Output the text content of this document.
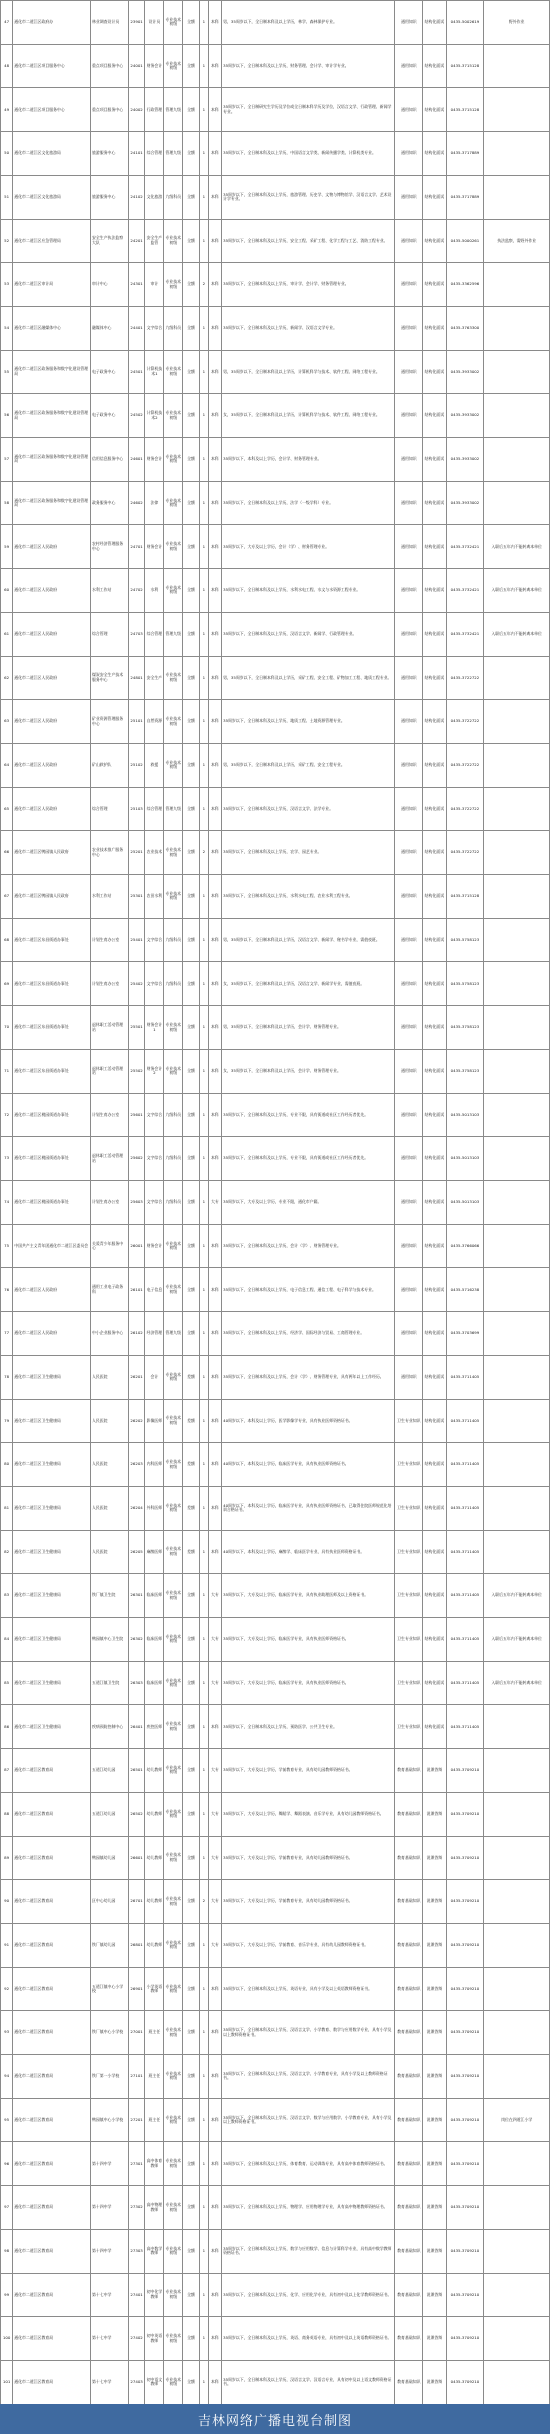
47	通化市二道江区政府办	林业调查设计员	23901	设计员	专业技术初级	全额	1	本科	男，35周岁以下，全日制本科及以上学历，林学、森林保护专业。	通用知识	结构化面试	0435-5002619	野外作业
48	通化市二道江区项目服务中心	重点项目服务中心	24001	财务会计	专业技术初级	全额	1	本科	35周岁以下，全日制本科及以上学历，财务管理、会计学、审计学专业。	通用知识	结构化面试	0435-3715128	
49	通化市二道江区项目服务中心	重点项目服务中心	24002	行政管理	管理九级	全额	1	本科	35周岁以下，全日制研究生学历及学位或全日制本科学历及学位，汉语言文学、行政管理、新闻学专业。	通用知识	结构化面试	0435-3715128	
50	通化市二道江区文化旅游局	旅游服务中心	24101	综合管理	管理九级	全额	1	本科	35周岁以下，全日制本科及以上学历，中国语言文学类、新闻传播学类、计算机类专业。	通用知识	结构化面试	0435-3717889	
51	通化市二道江区文化旅游局	旅游服务中心	24102	文化旅游	九级科员	全额	1	本科	35周岁以下，全日制本科及以上学历，旅游管理、历史学、文物与博物馆学、汉语言文学、艺术设计学专业。	通用知识	结构化面试	0435-3717889	
52	通化市二道江区应急管理局	安全生产执法监察大队	24201	安全生产监管	专业技术初级	全额	1	本科	35周岁以下，全日制本科及以上学历，安全工程、采矿工程、化学工程与工艺、消防工程专业。	通用知识	结构化面试	0435-5000261	执法监察，需野外作业
53	通化市二道江区审计局	审计中心	24301	审计	专业技术初级	全额	2	本科	35周岁以下，全日制本科及以上学历，审计学、会计学、财务管理专业。	通用知识	结构化面试	0435-3362596	
54	通化市二道江区融媒体中心	融媒体中心	24401	文字综合	九级科员	全额	1	本科	35周岁以下，全日制本科及以上学历，新闻学、汉语言文学专业。	通用知识	结构化面试	0435-3763300	
55	通化市二道江区政务服务和数字化建设管理局	电子政务中心	24501	计算机技术1	专业技术初级	全额	1	本科	男，35周岁以下，全日制本科及以上学历，计算机科学与技术、软件工程、网络工程专业。	通用知识	结构化面试	0435-3933002	
56	通化市二道江区政务服务和数字化建设管理局	电子政务中心	24502	计算机技术2	专业技术初级	全额	1	本科	女，35周岁以下，全日制本科及以上学历，计算机科学与技术、软件工程、网络工程专业。	通用知识	结构化面试	0435-3933002	
57	通化市二道江区政务服务和数字化建设管理局	信用信息服务中心	24601	财务会计	专业技术初级	全额	1	本科	35周岁以下，本科及以上学历，会计学、财务管理专业。	通用知识	结构化面试	0435-3933002	
58	通化市二道江区政务服务和数字化建设管理局	政务服务中心	24602	法律	专业技术初级	全额	1	本科	35周岁以下，全日制本科及以上学历，法学（一级学科）专业。	通用知识	结构化面试	0435-3933002	
59	通化市二道江区人民政府	农村经济管理服务中心	24701	财务会计	专业技术初级	全额	1	本科	35周岁以下，大专及以上学历，会计（学）、财务管理专业。	通用知识	结构化面试	0435-3732421	入职后五年内不能转离本单位
60	通化市二道江区人民政府	水利工作站	24702	水利	专业技术初级	全额	1	本科	35周岁以下，全日制本科及以上学历，水利水电工程、水文与水资源工程专业。	通用知识	结构化面试	0435-3732421	入职后五年内不能转离本单位
61	通化市二道江区人民政府	综合管理	24703	综合管理	管理九级	全额	1	本科	35周岁以下，全日制本科及以上学历，汉语言文学、新闻学、行政管理专业。	通用知识	结构化面试	0435-3732421	入职后五年内不能转离本单位
62	通化市二道江区人民政府	煤炭安全生产技术服务中心	24801	安全生产	专业技术初级	全额	1	本科	男，35周岁以下，全日制本科及以上学历，采矿工程、安全工程、矿物加工工程、地质工程专业。	通用知识	结构化面试	0435-3722722	
63	通化市二道江区人民政府	矿业资源管理服务中心	25101	自然资源	专业技术初级	全额	1	本科	35周岁以下，全日制本科及以上学历，地质工程、土地资源管理专业。	通用知识	结构化面试	0435-3722722	
64	通化市二道江区人民政府	矿山救护队	25102	救援	专业技术初级	全额	1	本科	男，35周岁以下，全日制本科及以上学历，采矿工程、安全工程专业。	通用知识	结构化面试	0435-3722722	
65	通化市二道江区人民政府	综合管理	25103	综合管理	管理九级	全额	1	本科	35周岁以下，全日制本科及以上学历，汉语言文学、法学专业。	通用知识	结构化面试	0435-3722722	
66	通化市二道江区鸭园镇人民政府	农业技术推广服务中心	25201	农业技术	专业技术初级	全额	2	本科	35周岁以下，全日制本科及以上学历，农学、园艺专业。	通用知识	结构化面试	0435-3722722	
67	通化市二道江区鸭园镇人民政府	水利工作站	25301	农田水利	专业技术初级	全额	1	本科	35周岁以下，全日制本科及以上学历，水利水电工程、农业水利工程专业。	通用知识	结构化面试	0435-3715128	
68	通化市二道江区东昌街道办事处	计划生育办公室	25401	文字综合	九级科员	全额	1	本科	男，35周岁以下，全日制本科及以上学历，汉语言文学、新闻学、秘书学专业，需值夜班。	通用知识	结构化面试	0435-5758123	
69	通化市二道江区东昌街道办事处	计划生育办公室	25402	文字综合	九级科员	全额	1	本科	女，35周岁以下，全日制本科及以上学历，汉语言文学、新闻学专业，需值夜班。	通用知识	结构化面试	0435-5758123	
70	通化市二道江区东昌街道办事处	退休职工活动管理站	25501	财务会计1	专业技术初级	全额	1	本科	男，35周岁以下，全日制本科及以上学历，会计学、财务管理专业。	通用知识	结构化面试	0435-3758123	
71	通化市二道江区东昌街道办事处	退休职工活动管理站	25502	财务会计2	专业技术初级	全额	1	本科	女，35周岁以下，全日制本科及以上学历，会计学、财务管理专业。	通用知识	结构化面试	0435-3758123	
72	通化市二道江区桃园街道办事处	计划生育办公室	25601	文字综合	九级科员	全额	1	本科	35周岁以下，全日制本科及以上学历，专业不限，具有街道或社区工作经历者优先。	通用知识	结构化面试	0435-5013103	
73	通化市二道江区桃园街道办事处	退休职工活动管理站	25602	文字综合	九级科员	全额	1	本科	35周岁以下，全日制本科及以上学历，专业不限，具有街道或社区工作经历者优先。	通用知识	结构化面试	0435-5013103	
74	通化市二道江区桃园街道办事处	计划生育办公室	25603	文字综合	九级科员	全额	1	大专	35周岁以下，大专及以上学历，专业不限，通化市户籍。	通用知识	结构化面试	0435-5013103	
75	中国共产主义青年团通化市二道江区委员会	关爱青少年服务中心	26001	财务会计	专业技术初级	全额	1	本科	35周岁以下，全日制本科及以上学历，会计（学）、财务管理专业。	通用知识	结构化面试	0435-3766066	
76	通化市二道江区人民政府	通用工业电子政务科	26101	电子信息	专业技术初级	全额	1	本科	35周岁以下，全日制本科及以上学历，电子信息工程、通信工程、电子科学与技术专业。	通用知识	结构化面试	0435-5716238	
77	通化市二道江区人民政府	中小企业服务中心	26102	经济管理	管理九级	全额	1	本科	35周岁以下，全日制本科及以上学历，经济学、国际经济与贸易、工商管理专业。	通用知识	结构化面试	0435-3703699	
78	通化市二道江区卫生健康局	人民医院	26201	会计	专业技术初级	差额	1	本科	35周岁以下，全日制本科及以上学历，会计（学）、财务管理专业，具有两年以上工作经历。	通用知识	结构化面试	0435-3711405	
79	通化市二道江区卫生健康局	人民医院	26202	影像医师	专业技术初级	差额	1	本科	40周岁以下，本科及以上学历，医学影像学专业，具有执业医师资格证书。	卫生专业知识	结构化面试	0435-3711405	
80	通化市二道江区卫生健康局	人民医院	26203	内科医师	专业技术初级	差额	1	本科	40周岁以下，本科及以上学历，临床医学专业，具有执业医师资格证书。	卫生专业知识	结构化面试	0435-3711405	
81	通化市二道江区卫生健康局	人民医院	26204	外科医师	专业技术初级	差额	1	本科	40周岁以下，本科及以上学历，临床医学专业，具有执业医师资格证书，已取得住院医师规范化培训合格证书。	卫生专业知识	结构化面试	0435-3711405	
82	通化市二道江区卫生健康局	人民医院	26205	麻醉医师	专业技术初级	差额	1	本科	40周岁以下，本科及以上学历，麻醉学、临床医学专业，具有执业医师资格证书。	卫生专业知识	结构化面试	0435-3711405	
83	通化市二道江区卫生健康局	铁厂镇卫生院	26301	临床医师	专业技术初级	全额	1	大专	35周岁以下，大专及以上学历，临床医学专业，具有执业助理医师及以上资格证书。	卫生专业知识	结构化面试	0435-3711405	入职后五年内不能转离本单位
84	通化市二道江区卫生健康局	鸭园镇中心卫生院	26302	临床医师	专业技术初级	全额	1	大专	35周岁以下，大专及以上学历，临床医学专业，具有执业医师资格证书。	卫生专业知识	结构化面试	0435-3711405	入职后五年内不能转离本单位
85	通化市二道江区卫生健康局	五道江镇卫生院	26303	临床医师	专业技术初级	全额	1	大专	35周岁以下，大专及以上学历，临床医学专业，具有执业医师资格证书。	卫生专业知识	结构化面试	0435-3711405	入职后五年内不能转离本单位
86	通化市二道江区卫生健康局	疾病预防控制中心	26401	疾控医师	专业技术初级	全额	1	本科	35周岁以下，全日制本科及以上学历，预防医学、公共卫生专业。	卫生专业知识	结构化面试	0435-3711405	
87	通化市二道江区教育局	五道江幼儿园	26501	幼儿教师	专业技术初级	全额	1	大专	35周岁以下，大专及以上学历，学前教育专业，具有幼儿园教师资格证书。	教育基础知识	说课答辩	0435-3709210	
88	通化市二道江区教育局	五道江幼儿园	26502	幼儿教师	专业技术初级	全额	1	大专	35周岁以下，大专及以上学历，舞蹈学、舞蹈表演、音乐学专业，具有幼儿园教师资格证书。	教育基础知识	说课答辩	0435-3709210	
89	通化市二道江区教育局	鸭园镇幼儿园	26601	幼儿教师	专业技术初级	全额	1	大专	35周岁以下，大专及以上学历，学前教育专业，具有幼儿园教师资格证书。	教育基础知识	说课答辩	0435-3709210	
90	通化市二道江区教育局	区中心幼儿园	26701	幼儿教师	专业技术初级	全额	2	大专	35周岁以下，大专及以上学历，学前教育专业，具有幼儿园教师资格证书。	教育基础知识	说课答辩	0435-3709210	
91	通化市二道江区教育局	铁厂镇幼儿园	26801	幼儿教师	专业技术初级	全额	1	大专	35周岁以下，大专及以上学历，学前教育、音乐学专业，具有幼儿园教师资格证书。	教育基础知识	说课答辩	0435-3709210	
92	通化市二道江区教育局	五道江镇中心小学校	26901	小学英语教师	专业技术初级	全额	1	本科	35周岁以下，全日制本科及以上学历，英语专业，具有小学及以上英语教师资格证书。	教育基础知识	说课答辩	0435-3709210	
93	通化市二道江区教育局	铁厂镇中心小学校	27001	班主任	专业技术初级	全额	1	本科	35周岁以下，全日制本科及以上学历，汉语言文学、小学教育、数学与应用数学专业，具有小学及以上教师资格证书。	教育基础知识	说课答辩	0435-3709210	
94	通化市二道江区教育局	铁厂第一小学校	27101	班主任	专业技术初级	全额	1	本科	35周岁以下，全日制本科及以上学历，汉语言文学、小学教育专业，具有小学及以上教师资格证书。	教育基础知识	说课答辩	0435-3709210	
95	通化市二道江区教育局	鸭园镇中心小学校	27201	班主任	专业技术初级	全额	1	本科	35周岁以下，全日制本科及以上学历，汉语言文学、数学与应用数学、小学教育专业，具有小学及以上教师资格证书。	教育基础知识	说课答辩	0435-3709210	岗位在四道江小学
96	通化市二道江区教育局	第十四中学	27301	高中体育教师	专业技术初级	全额	1	本科	35周岁以下，全日制本科及以上学历，体育教育、运动训练专业，具有高中体育教师资格证书。	教育基础知识	说课答辩	0435-3709210	
97	通化市二道江区教育局	第十四中学	27302	高中物理教师	专业技术初级	全额	1	本科	35周岁以下，全日制本科及以上学历，物理学、应用物理学专业，具有高中物理教师资格证书。	教育基础知识	说课答辩	0435-3709210	
98	通化市二道江区教育局	第十四中学	27303	高中数学教师	专业技术初级	全额	1	本科	35周岁以下，全日制本科及以上学历，数学与应用数学、信息与计算科学专业，具有高中数学教师资格证书。	教育基础知识	说课答辩	0435-3709210	
99	通化市二道江区教育局	第十七中学	27401	初中化学教师	专业技术初级	全额	1	本科	35周岁以下，全日制本科及以上学历，化学、应用化学专业，具有初中及以上化学教师资格证书。	教育基础知识	说课答辩	0435-3709210	
100	通化市二道江区教育局	第十七中学	27402	初中英语教师	专业技术初级	全额	1	本科	35周岁以下，全日制本科及以上学历，英语、商务英语专业，具有初中及以上英语教师资格证书。	教育基础知识	说课答辩	0435-3709210	
101	通化市二道江区教育局	第十七中学	27403	初中语文教师	专业技术初级	全额	1	本科	35周岁以下，全日制本科及以上学历，汉语言文学、汉语言专业，具有初中及以上语文教师资格证书。	教育基础知识	说课答辩	0435-3709210	
吉林网络广播电视台制图
